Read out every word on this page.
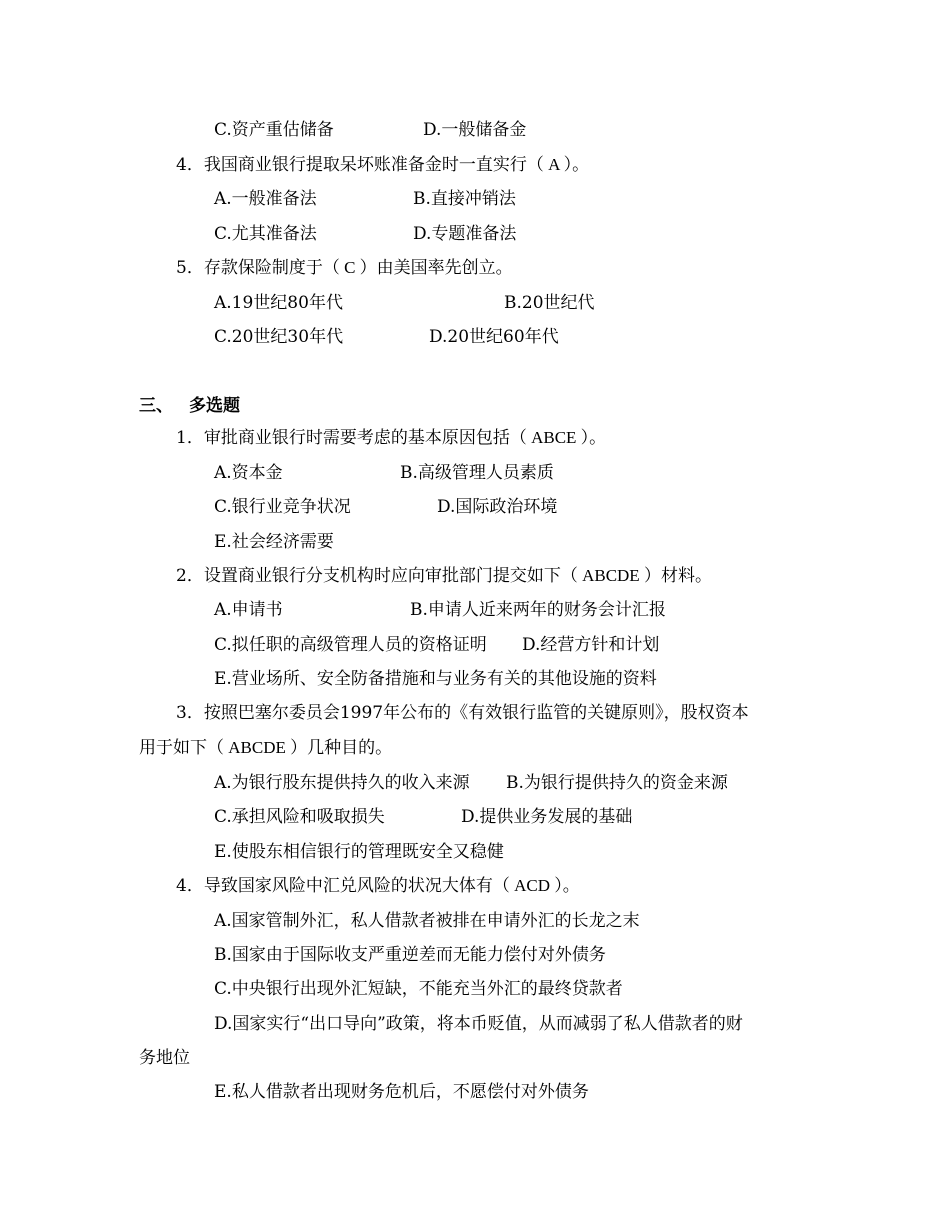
C.资产重估储备	D.一般储备金
4．我国商业银行提取呆坏账准备金时一直实行（ A ）。
A.一般准备法	B.直接冲销法
C.尤其准备法	D.专题准备法
5．存款保险制度于（ C ）由美国率先创立。
A.19世纪80年代	B.20世纪代
C.20世纪30年代	D.20世纪60年代
三、 多选题
1．审批商业银行时需要考虑的基本原因包括（ ABCE ）。
A.资本金	B.高级管理人员素质
C.银行业竞争状况	D.国际政治环境
E.社会经济需要
2．设置商业银行分支机构时应向审批部门提交如下（ ABCDE ）材料。
A.申请书	B.申请人近来两年的财务会计汇报
C.拟任职的高级管理人员的资格证明 D.经营方针和计划
E.营业场所、安全防备措施和与业务有关的其他设施的资料
3．按照巴塞尔委员会1997年公布的《有效银行监管的关键原则》，股权资本
用于如下（ ABCDE ）几种目的。
A.为银行股东提供持久的收入来源 B.为银行提供持久的资金来源
C.承担风险和吸取损失	D.提供业务发展的基础
E.使股东相信银行的管理既安全又稳健
4．导致国家风险中汇兑风险的状况大体有（ ACD ）。
A.国家管制外汇，私人借款者被排在申请外汇的长龙之末
B.国家由于国际收支严重逆差而无能力偿付对外债务
C.中央银行出现外汇短缺，不能充当外汇的最终贷款者
D.国家实行“出口导向”政策，将本币贬值，从而减弱了私人借款者的财
务地位
E.私人借款者出现财务危机后，不愿偿付对外债务
